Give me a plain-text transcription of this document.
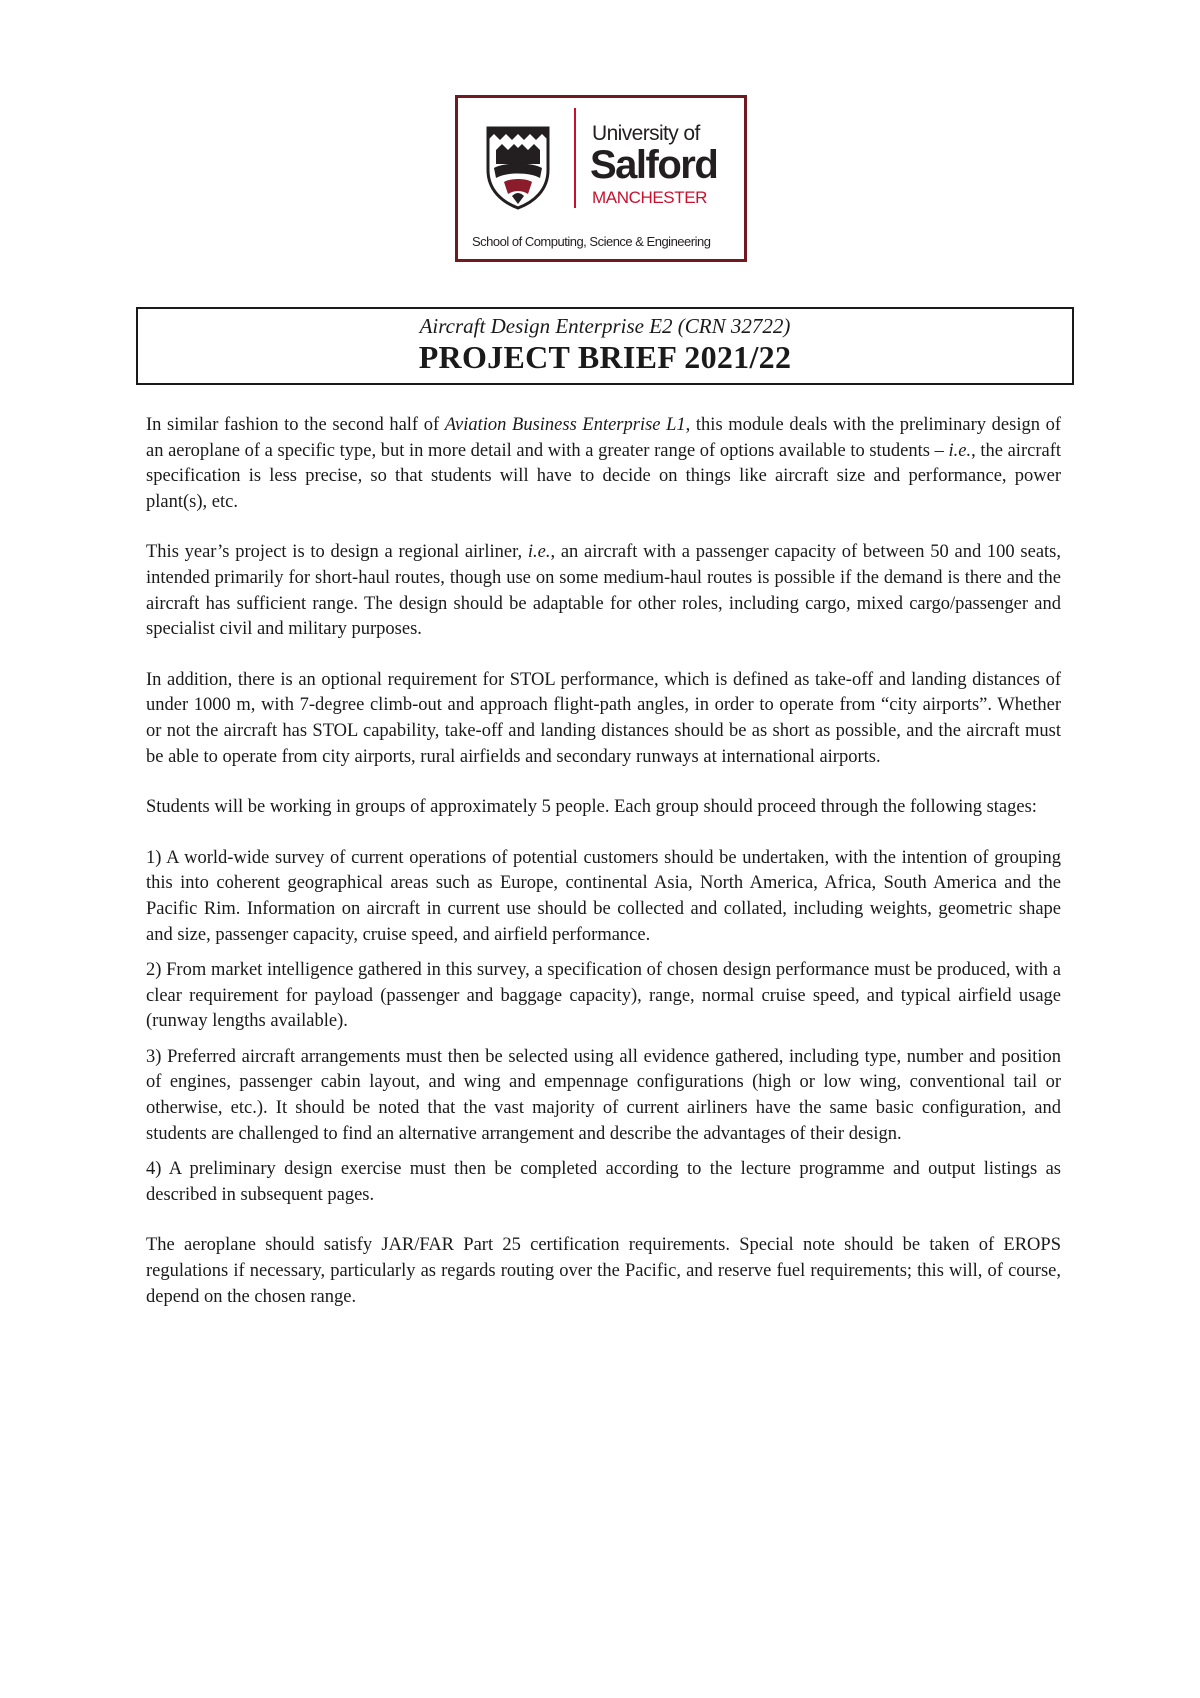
University of
Salford
MANCHESTER
School of Computing, Science & Engineering
Aircraft Design Enterprise E2 (CRN 32722)
PROJECT BRIEF 2021/22

In similar fashion to the second half of Aviation Business Enterprise L1, this module deals with the preliminary design of an aeroplane of a specific type, but in more detail and with a greater range of options available to students – i.e., the aircraft specification is less precise, so that students will have to decide on things like aircraft size and performance, power plant(s), etc.

This year’s project is to design a regional airliner, i.e., an aircraft with a passenger capacity of between 50 and 100 seats, intended primarily for short-haul routes, though use on some medium-haul routes is possible if the demand is there and the aircraft has sufficient range. The design should be adaptable for other roles, including cargo, mixed cargo/passenger and specialist civil and military purposes.

In addition, there is an optional requirement for STOL performance, which is defined as take-off and landing distances of under 1000 m, with 7-degree climb-out and approach flight-path angles, in order to operate from “city airports”. Whether or not the aircraft has STOL capability, take-off and landing distances should be as short as possible, and the aircraft must be able to operate from city airports, rural airfields and secondary runways at international airports.

Students will be working in groups of approximately 5 people. Each group should proceed through the following stages:

1) A world-wide survey of current operations of potential customers should be undertaken, with the intention of grouping this into coherent geographical areas such as Europe, continental Asia, North America, Africa, South America and the Pacific Rim. Information on aircraft in current use should be collected and collated, including weights, geometric shape and size, passenger capacity, cruise speed, and airfield performance.

2) From market intelligence gathered in this survey, a specification of chosen design performance must be produced, with a clear requirement for payload (passenger and baggage capacity), range, normal cruise speed, and typical airfield usage (runway lengths available).

3) Preferred aircraft arrangements must then be selected using all evidence gathered, including type, number and position of engines, passenger cabin layout, and wing and empennage configurations (high or low wing, conventional tail or otherwise, etc.). It should be noted that the vast majority of current airliners have the same basic configuration, and students are challenged to find an alternative arrangement and describe the advantages of their design.

4) A preliminary design exercise must then be completed according to the lecture programme and output listings as described in subsequent pages.

The aeroplane should satisfy JAR/FAR Part 25 certification requirements. Special note should be taken of EROPS regulations if necessary, particularly as regards routing over the Pacific, and reserve fuel requirements; this will, of course, depend on the chosen range.
